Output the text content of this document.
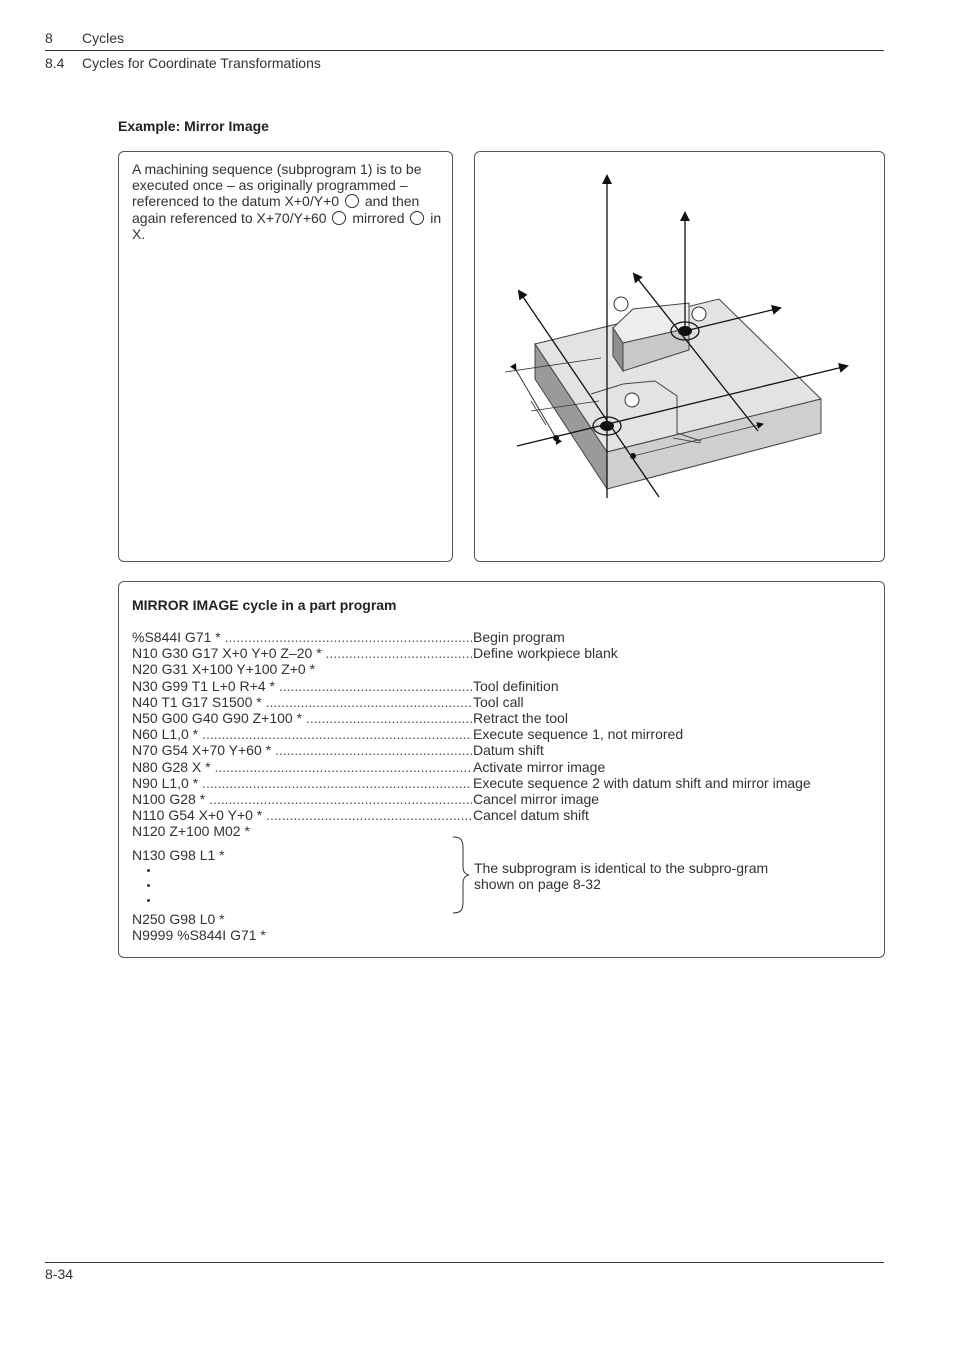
8 Cycles
8.4 Cycles for Coordinate Transformations
Example: Mirror Image
A machining sequence (subprogram 1) is to be executed once – as originally programmed – referenced to the datum X+0/Y+0 and then again referenced to X+70/Y+60 mirrored in X.
MIRROR IMAGE cycle in a part program
%S844I G71 * .....	Begin program
N10 G30 G17 X+0 Y+0 Z–20 * .....	Define workpiece blank
N20 G31 X+100 Y+100 Z+0 *
N30 G99 T1 L+0 R+4 * .....	Tool definition
N40 T1 G17 S1500 * .....	Tool call
N50 G00 G40 G90 Z+100 * .....	Retract the tool
N60 L1,0 * .....	Execute sequence 1, not mirrored
N70 G54 X+70 Y+60 * .....	Datum shift
N80 G28 X * .....	Activate mirror image
N90 L1,0 * .....	Execute sequence 2 with datum shift and mirror image
N100 G28 * .....	Cancel mirror image
N110 G54 X+0 Y+0 * .....	Cancel datum shift
N120 Z+100 M02 *
N130 G98 L1 *
N250 G98 L0 *
N9999 %S844I G71 *
The subprogram is identical to the subpro-gram shown on page 8-32
8-34
